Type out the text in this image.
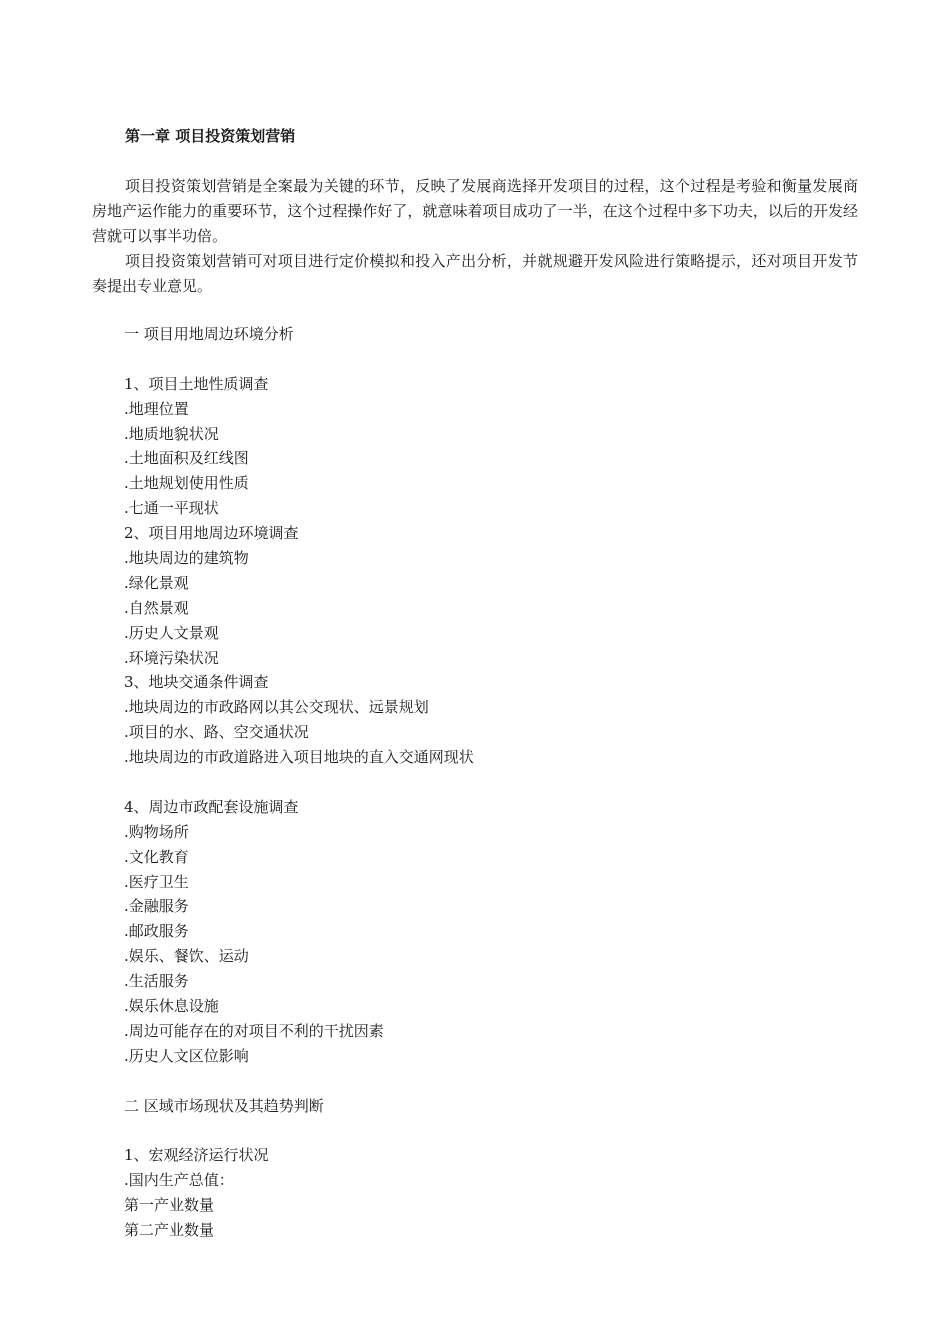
第一章 项目投资策划营销

项目投资策划营销是全案最为关键的环节，反映了发展商选择开发项目的过程，这个过程是考验和衡量发展商房地产运作能力的重要环节，这个过程操作好了，就意味着项目成功了一半，在这个过程中多下功夫，以后的开发经营就可以事半功倍。

项目投资策划营销可对项目进行定价模拟和投入产出分析，并就规避开发风险进行策略提示，还对项目开发节奏提出专业意见。

一 项目用地周边环境分析
1、项目土地性质调查
.地理位置
.地质地貌状况
.土地面积及红线图
.土地规划使用性质
.七通一平现状
2、项目用地周边环境调查
.地块周边的建筑物
.绿化景观
.自然景观
.历史人文景观
.环境污染状况
3、地块交通条件调查
.地块周边的市政路网以其公交现状、远景规划
.项目的水、路、空交通状况
.地块周边的市政道路进入项目地块的直入交通网现状
4、周边市政配套设施调查
.购物场所
.文化教育
.医疗卫生
.金融服务
.邮政服务
.娱乐、餐饮、运动
.生活服务
.娱乐休息设施
.周边可能存在的对项目不利的干扰因素
.历史人文区位影响
二 区域市场现状及其趋势判断
1、宏观经济运行状况
.国内生产总值：
第一产业数量
第二产业数量
